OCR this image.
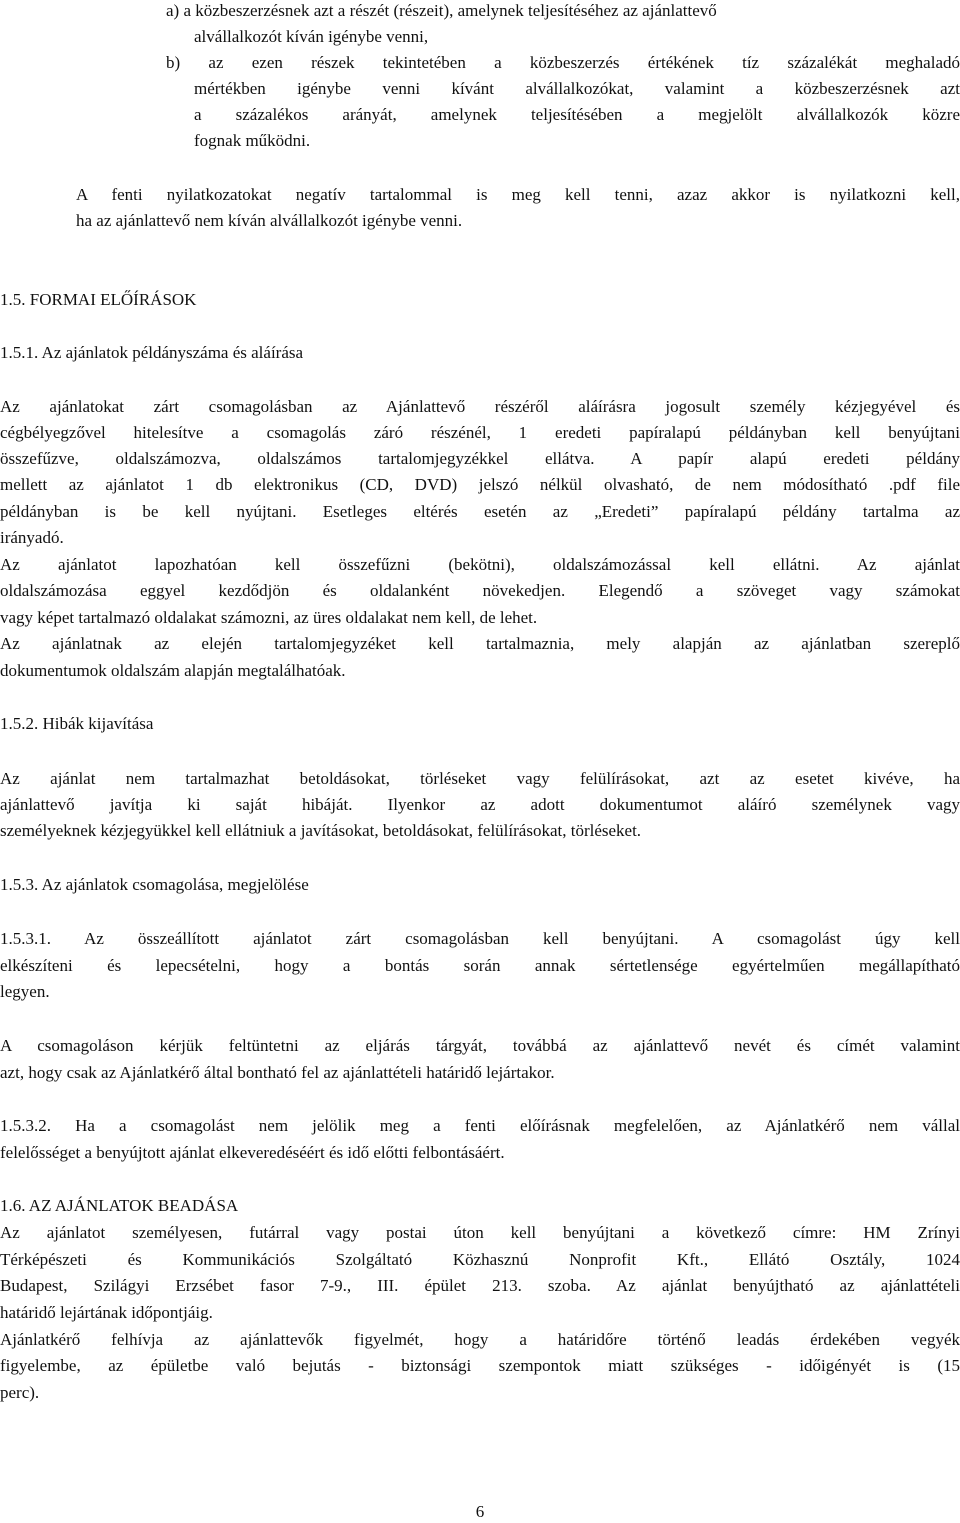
a) a közbeszerzésnek azt a részét (részeit), amelynek teljesítéséhez az ajánlattevő
alvállalkozót kíván igénybe venni,
b) az ezen részek tekintetében a közbeszerzés értékének tíz százalékát meghaladó
mértékben igénybe venni kívánt alvállalkozókat, valamint a közbeszerzésnek azt
a százalékos arányát, amelynek teljesítésében a megjelölt alvállalkozók közre
fognak működni.
A fenti nyilatkozatokat negatív tartalommal is meg kell tenni, azaz akkor is nyilatkozni kell,
ha az ajánlattevő nem kíván alvállalkozót igénybe venni.
1.5. FORMAI ELŐÍRÁSOK
1.5.1. Az ajánlatok példányszáma és aláírása
Az ajánlatokat zárt csomagolásban az Ajánlattevő részéről aláírásra jogosult személy kézjegyével és
cégbélyegzővel hitelesítve a csomagolás záró részénél, 1 eredeti papíralapú példányban kell benyújtani
összefűzve, oldalszámozva, oldalszámos tartalomjegyzékkel ellátva. A papír alapú eredeti példány
mellett az ajánlatot 1 db elektronikus (CD, DVD) jelszó nélkül olvasható, de nem módosítható .pdf file
példányban is be kell nyújtani. Esetleges eltérés esetén az „Eredeti” papíralapú példány tartalma az
irányadó.
Az ajánlatot lapozhatóan kell összefűzni (bekötni), oldalszámozással kell ellátni. Az ajánlat
oldalszámozása eggyel kezdődjön és oldalanként növekedjen. Elegendő a szöveget vagy számokat
vagy képet tartalmazó oldalakat számozni, az üres oldalakat nem kell, de lehet.
Az ajánlatnak az elején tartalomjegyzéket kell tartalmaznia, mely alapján az ajánlatban szereplő
dokumentumok oldalszám alapján megtalálhatóak.
1.5.2. Hibák kijavítása
Az ajánlat nem tartalmazhat betoldásokat, törléseket vagy felülírásokat, azt az esetet kivéve, ha
ajánlattevő javítja ki saját hibáját. Ilyenkor az adott dokumentumot aláíró személynek vagy
személyeknek kézjegyükkel kell ellátniuk a javításokat, betoldásokat, felülírásokat, törléseket.
1.5.3. Az ajánlatok csomagolása, megjelölése
1.5.3.1. Az összeállított ajánlatot zárt csomagolásban kell benyújtani. A csomagolást úgy kell
elkészíteni és lepecsételni, hogy a bontás során annak sértetlensége egyértelműen megállapítható
legyen.
A csomagoláson kérjük feltüntetni az eljárás tárgyát, továbbá az ajánlattevő nevét és címét valamint
azt, hogy csak az Ajánlatkérő által bontható fel az ajánlattételi határidő lejártakor.
1.5.3.2. Ha a csomagolást nem jelölik meg a fenti előírásnak megfelelően, az Ajánlatkérő nem vállal
felelősséget a benyújtott ajánlat elkeveredéséért és idő előtti felbontásáért.
1.6. AZ AJÁNLATOK BEADÁSA
Az ajánlatot személyesen, futárral vagy postai úton kell benyújtani a következő címre: HM Zrínyi
Térképészeti és Kommunikációs Szolgáltató Közhasznú Nonprofit Kft., Ellátó Osztály, 1024
Budapest, Szilágyi Erzsébet fasor 7-9., III. épület 213. szoba. Az ajánlat benyújtható az ajánlattételi
határidő lejártának időpontjáig.
Ajánlatkérő felhívja az ajánlattevők figyelmét, hogy a határidőre történő leadás érdekében vegyék
figyelembe, az épületbe való bejutás - biztonsági szempontok miatt szükséges - időigényét is (15
perc).
6
